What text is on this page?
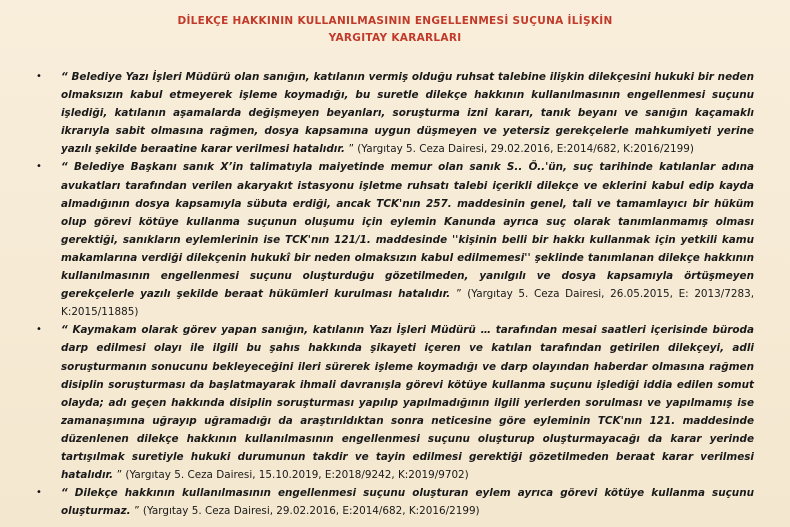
DİLEKÇE HAKKININ KULLANILMASININ ENGELLENMESİ SUÇUNA İLİŞKİN
YARGITAY KARARLARI
• “ Belediye Yazı İşleri Müdürü olan sanığın, katılanın vermiş olduğu ruhsat talebine ilişkin dilekçesini hukuki bir neden olmaksızın kabul etmeyerek işleme koymadığı, bu suretle dilekçe hakkının kullanılmasının engellenmesi suçunu işlediği, katılanın aşamalarda değişmeyen beyanları, soruşturma izni kararı, tanık beyanı ve sanığın kaçamaklı ikrarıyla sabit olmasına rağmen, dosya kapsamına uygun düşmeyen ve yetersiz gerekçelerle mahkumiyeti yerine yazılı şekilde beraatine karar verilmesi hatalıdır. ” (Yargıtay 5. Ceza Dairesi, 29.02.2016, E:2014/682, K:2016/2199)
• “ Belediye Başkanı sanık X’in talimatıyla maiyetinde memur olan sanık S.. Ö..'ün, suç tarihinde katılanlar adına avukatları tarafından verilen akaryakıt istasyonu işletme ruhsatı talebi içerikli dilekçe ve eklerini kabul edip kayda almadığının dosya kapsamıyla sübuta erdiği, ancak TCK'nın 257. maddesinin genel, tali ve tamamlayıcı bir hüküm olup görevi kötüye kullanma suçunun oluşumu için eylemin Kanunda ayrıca suç olarak tanımlanmamış olması gerektiği, sanıkların eylemlerinin ise TCK'nın 121/1. maddesinde ''kişinin belli bir hakkı kullanmak için yetkili kamu makamlarına verdiği dilekçenin hukukî bir neden olmaksızın kabul edilmemesi'' şeklinde tanımlanan dilekçe hakkının kullanılmasının engellenmesi suçunu oluşturduğu gözetilmeden, yanılgılı ve dosya kapsamıyla örtüşmeyen gerekçelerle yazılı şekilde beraat hükümleri kurulması hatalıdır. ” (Yargıtay 5. Ceza Dairesi, 26.05.2015, E: 2013/7283, K:2015/11885)
• “ Kaymakam olarak görev yapan sanığın, katılanın Yazı İşleri Müdürü … tarafından mesai saatleri içerisinde büroda darp edilmesi olayı ile ilgili bu şahıs hakkında şikayeti içeren ve katılan tarafından getirilen dilekçeyi, adli soruşturmanın sonucunu bekleyeceğini ileri sürerek işleme koymadığı ve darp olayından haberdar olmasına rağmen disiplin soruşturması da başlatmayarak ihmali davranışla görevi kötüye kullanma suçunu işlediği iddia edilen somut olayda; adı geçen hakkında disiplin soruşturması yapılıp yapılmadığının ilgili yerlerden sorulması ve yapılmamış ise zamanaşımına uğrayıp uğramadığı da araştırıldıktan sonra neticesine göre eyleminin TCK'nın 121. maddesinde düzenlenen dilekçe hakkının kullanılmasının engellenmesi suçunu oluşturup oluşturmayacağı da karar yerinde tartışılmak suretiyle hukuki durumunun takdir ve tayin edilmesi gerektiği gözetilmeden beraat karar verilmesi hatalıdır. ” (Yargıtay 5. Ceza Dairesi, 15.10.2019, E:2018/9242, K:2019/9702)
• “ Dilekçe hakkının kullanılmasının engellenmesi suçunu oluşturan eylem ayrıca görevi kötüye kullanma suçunu oluşturmaz. ” (Yargıtay 5. Ceza Dairesi, 29.02.2016, E:2014/682, K:2016/2199)
